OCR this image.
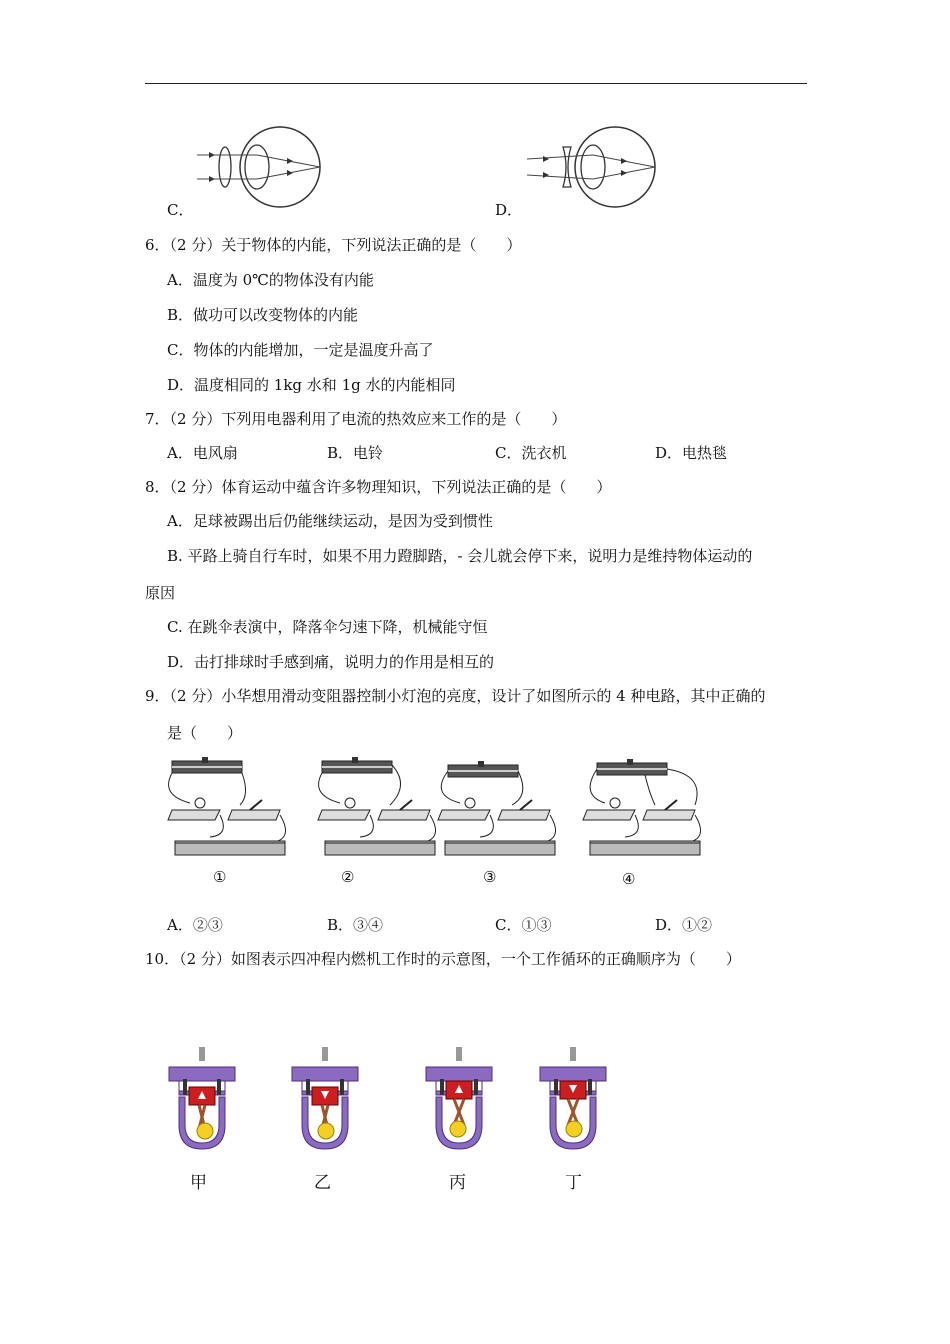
C．	D．
6．（2 分）关于物体的内能，下列说法正确的是（　　）
A．温度为 0℃的物体没有内能
B．做功可以改变物体的内能
C．物体的内能增加，一定是温度升高了
D．温度相同的 1kg 水和 1g 水的内能相同
7．（2 分）下列用电器利用了电流的热效应来工作的是（　　）
A．电风扇	B．电铃	C．洗衣机	D．电热毯
8．（2 分）体育运动中蕴含许多物理知识，下列说法正确的是（　　）
A．足球被踢出后仍能继续运动，是因为受到惯性
B. 平路上骑自行车时，如果不用力蹬脚踏，- 会儿就会停下来，说明力是维持物体运动的
原因
C. 在跳伞表演中，降落伞匀速下降，机械能守恒
D．击打排球时手感到痛，说明力的作用是相互的
9．（2 分）小华想用滑动变阻器控制小灯泡的亮度，设计了如图所示的 4 种电路，其中正确的
是（　　）
①	②	③	④
A．②③	B．③④	C．①③	D．①②
10．（2 分）如图表示四冲程内燃机工作时的示意图，一个工作循环的正确顺序为（　　）
甲	乙	丙	丁
